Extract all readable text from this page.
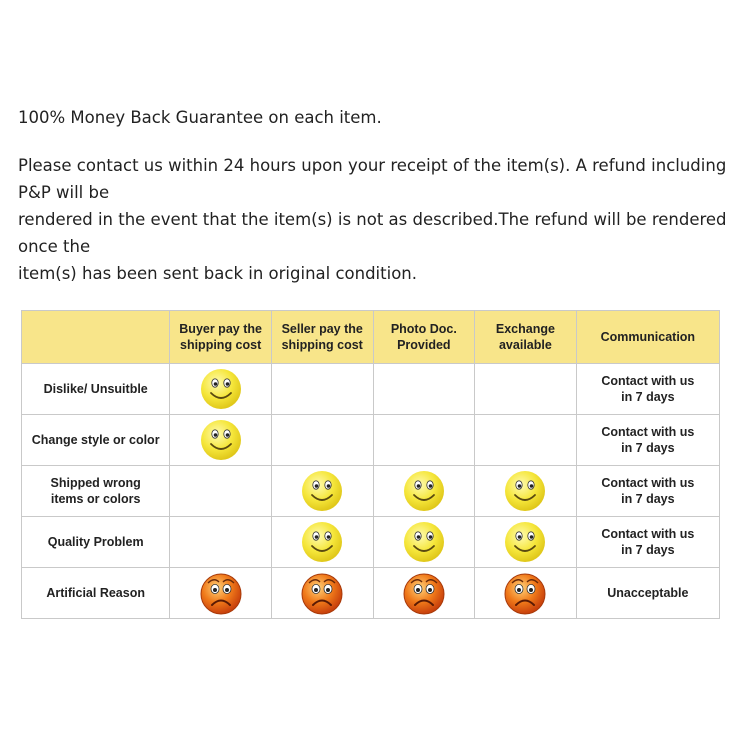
100% Money Back Guarantee on each item.

Please contact us within 24 hours upon your receipt of the item(s). A refund including P&P will be

rendered in the event that the item(s) is not as described.The refund will be rendered once the

item(s) has been sent back in original condition.

	Buyer pay the
shipping cost	Seller pay the
shipping cost	Photo Doc.
Provided	Exchange
available	Communication
Dislike/ Unsuitble					Contact with us
in 7 days
Change style or color					Contact with us
in 7 days
Shipped wrong
items or colors					Contact with us
in 7 days
Quality Problem					Contact with us
in 7 days
Artificial Reason					Unacceptable
